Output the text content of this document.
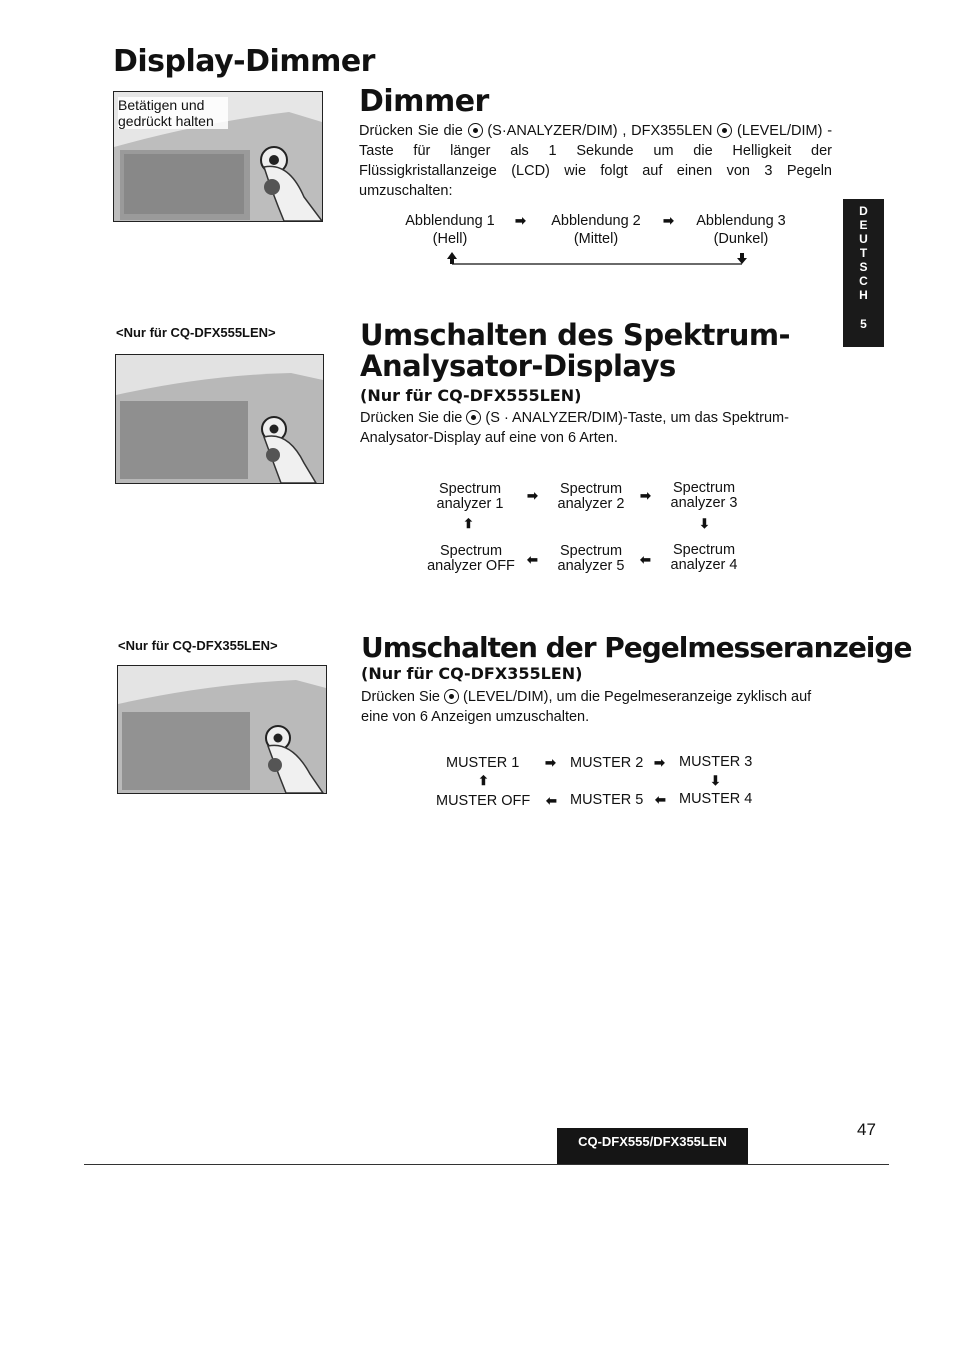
Display-Dimmer
Betätigen und gedrückt halten
Dimmer
Drücken Sie die (S·ANALYZER/DIM) , DFX355LEN (LEVEL/DIM) -Taste für länger als 1 Sekunde um die Helligkeit der Flüssigkristallanzeige (LCD) wie folgt auf einen von 3 Pegeln umzuschalten:
Abblendung 1
(Hell)
➡	Abblendung 2
(Mittel)
➡	Abblendung 3
(Dunkel)
D
E
U
T
S
C
H
5
<Nur für CQ-DFX555LEN>	Umschalten des Spektrum-Analysator-Displays
(Nur für CQ-DFX555LEN)
Drücken Sie die (S · ANALYZER/DIM)-Taste, um das Spektrum-Analysator-Display auf eine von 6 Arten.
Spectrum
analyzer 1
➡	Spectrum
analyzer 2
➡	Spectrum
analyzer 3
⬆	⬇
Spectrum
analyzer OFF ⬅
Spectrum
analyzer 5	⬅
Spectrum
analyzer 4
<Nur für CQ-DFX355LEN>	Umschalten der Pegelmesseranzeige
(Nur für CQ-DFX355LEN)
Drücken Sie (LEVEL/DIM), um die Pegelmeseranzeige zyklisch auf eine von 6 Anzeigen umzuschalten.
MUSTER 1 ➡ MUSTER 2 ➡ MUSTER 3
⬆	⬇
MUSTER OFF ⬅ MUSTER 5 ⬅ MUSTER 4
47
CQ-DFX555/DFX355LEN
